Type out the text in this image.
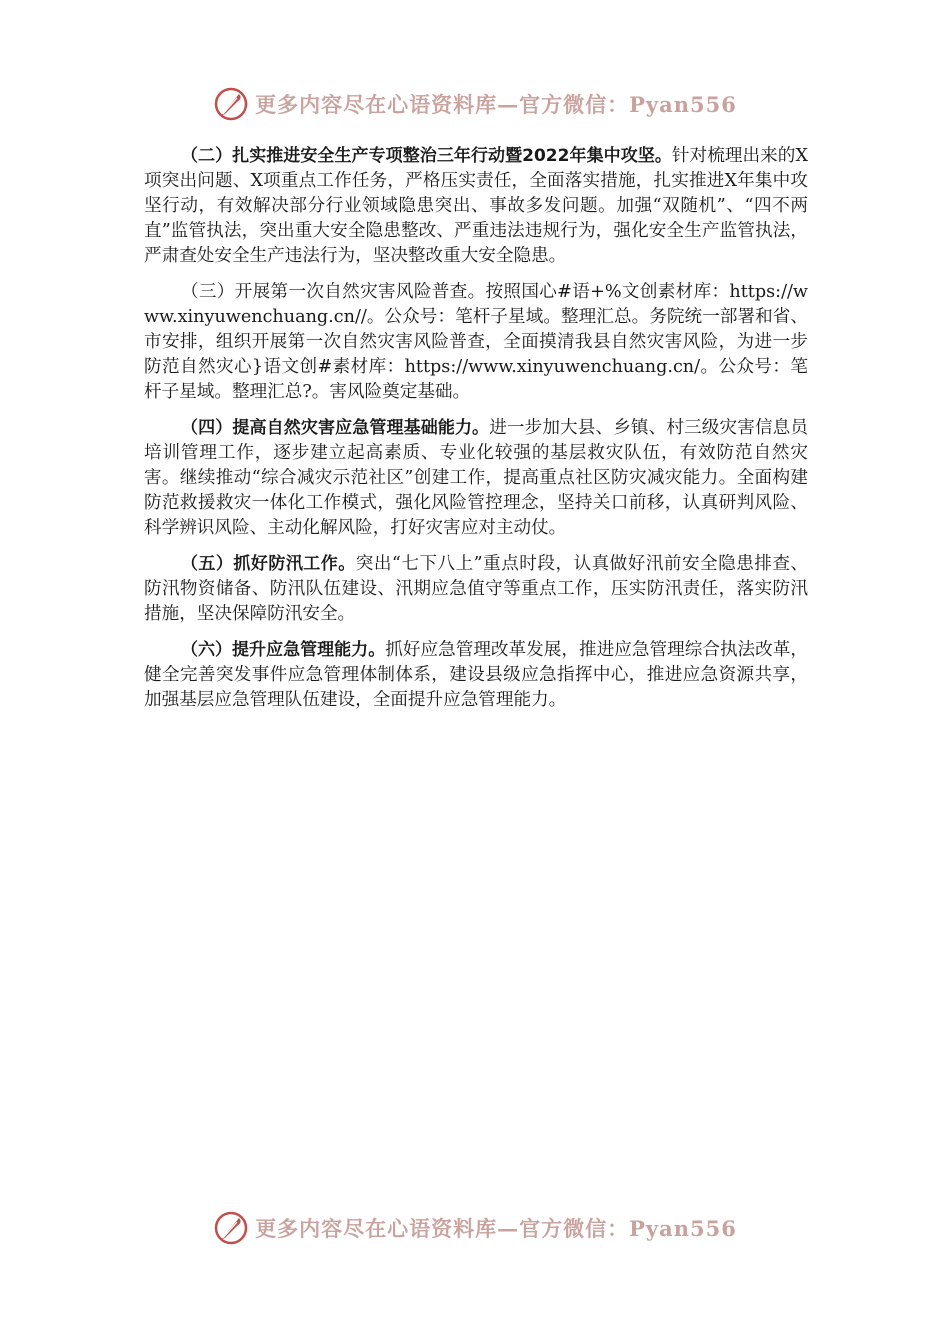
更多内容尽在心语资料库—官方微信：Pyan556

（二）扎实推进安全生产专项整治三年行动暨2022年集中攻坚。针对梳理出来的X项突出问题、X项重点工作任务，严格压实责任，全面落实措施，扎实推进X年集中攻坚行动，有效解决部分行业领域隐患突出、事故多发问题。加强“双随机”、“四不两直”监管执法，突出重大安全隐患整改、严重违法违规行为，强化安全生产监管执法，严肃查处安全生产违法行为，坚决整改重大安全隐患。

（三）开展第一次自然灾害风险普查。按照国心#语+%文创素材库：https://www.xinyuwenchuang.cn//。公众号：笔杆子星域。整理汇总。务院统一部署和省、市安排，组织开展第一次自然灾害风险普查，全面摸清我县自然灾害风险，为进一步防范自然灾心}语文创#素材库：https://www.xinyuwenchuang.cn/。公众号：笔杆子星域。整理汇总?。害风险奠定基础。

（四）提高自然灾害应急管理基础能力。进一步加大县、乡镇、村三级灾害信息员培训管理工作，逐步建立起高素质、专业化较强的基层救灾队伍，有效防范自然灾害。继续推动“综合减灾示范社区”创建工作，提高重点社区防灾减灾能力。全面构建防范救援救灾一体化工作模式，强化风险管控理念，坚持关口前移，认真研判风险、科学辨识风险、主动化解风险，打好灾害应对主动仗。

（五）抓好防汛工作。突出“七下八上”重点时段，认真做好汛前安全隐患排查、防汛物资储备、防汛队伍建设、汛期应急值守等重点工作，压实防汛责任，落实防汛措施，坚决保障防汛安全。

（六）提升应急管理能力。抓好应急管理改革发展，推进应急管理综合执法改革，健全完善突发事件应急管理体制体系，建设县级应急指挥中心，推进应急资源共享，加强基层应急管理队伍建设，全面提升应急管理能力。

更多内容尽在心语资料库—官方微信：Pyan556
